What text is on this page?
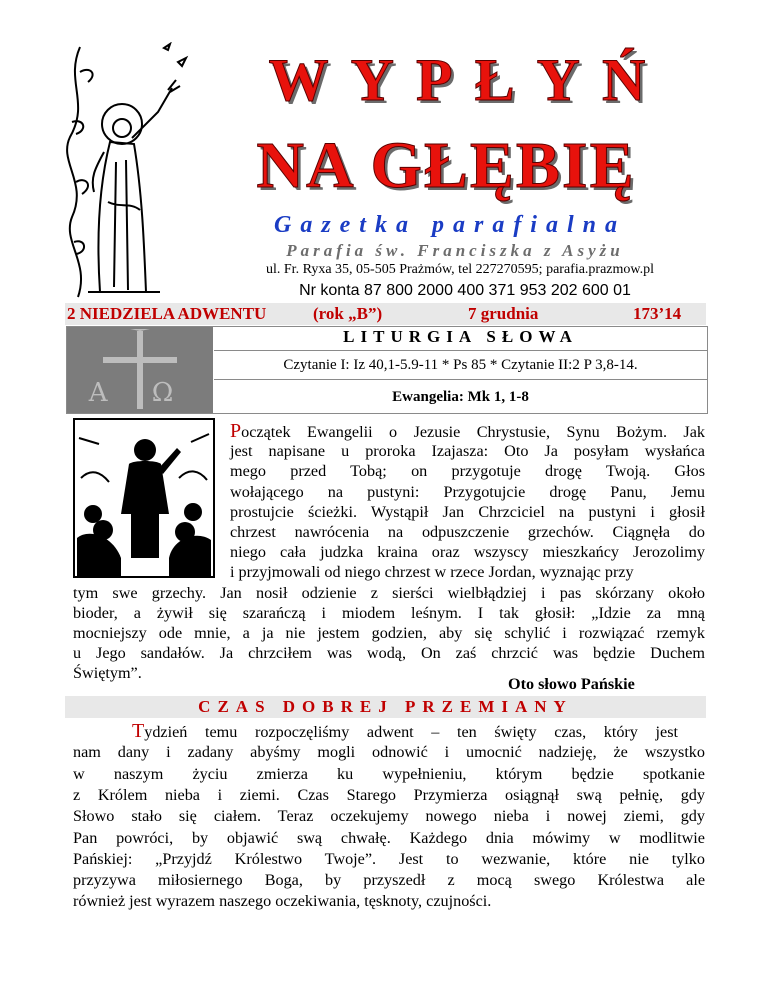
WYPŁYŃ
NA GŁĘBIĘ
Gazetka parafialna
Parafia św. Franciszka z Asyżu
ul. Fr. Ryxa 35, 05-505 Prażmów, tel 227270595; parafia.prazmow.pl
Nr konta 87 800 2000 400 371 953 202 600 01
2 NIEDZIELA ADWENTU	(rok „B”)	7 grudnia	173’14
Α Ω
LITURGIA SŁOWA
Czytanie I: Iz 40,1-5.9-11 * Ps 85 * Czytanie II:2 P 3,8-14.
Ewangelia: Mk 1, 1-8
Początek Ewangelii o Jezusie Chrystusie, Synu Bożym. Jak
jest napisane u proroka Izajasza: Oto Ja posyłam wysłańca
mego przed Tobą; on przygotuje drogę Twoją. Głos
wołającego na pustyni: Przygotujcie drogę Panu, Jemu
prostujcie ścieżki. Wystąpił Jan Chrzciciel na pustyni i głosił
chrzest nawrócenia na odpuszczenie grzechów. Ciągnęła do
niego cała judzka kraina oraz wszyscy mieszkańcy Jerozolimy
i przyjmowali od niego chrzest w rzece Jordan, wyznając przy
tym swe grzechy. Jan nosił odzienie z sierści wielbłądziej i pas skórzany około
bioder, a żywił się szarańczą i miodem leśnym. I tak głosił: „Idzie za mną
mocniejszy ode mnie, a ja nie jestem godzien, aby się schylić i rozwiązać rzemyk
u Jego sandałów. Ja chrzciłem was wodą, On zaś chrzcić was będzie Duchem
Świętym”.
Oto słowo Pańskie
CZAS DOBREJ PRZEMIANY
Tydzień temu rozpoczęliśmy adwent – ten święty czas, który jest
nam dany i zadany abyśmy mogli odnowić i umocnić nadzieję, że wszystko
w naszym życiu zmierza ku wypełnieniu, którym będzie spotkanie
z Królem nieba i ziemi. Czas Starego Przymierza osiągnął swą pełnię, gdy
Słowo stało się ciałem. Teraz oczekujemy nowego nieba i nowej ziemi, gdy
Pan powróci, by objawić swą chwałę. Każdego dnia mówimy w modlitwie
Pańskiej: „Przyjdź Królestwo Twoje”. Jest to wezwanie, które nie tylko
przyzywa miłosiernego Boga, by przyszedł z mocą swego Królestwa ale
również jest wyrazem naszego oczekiwania, tęsknoty, czujności.
